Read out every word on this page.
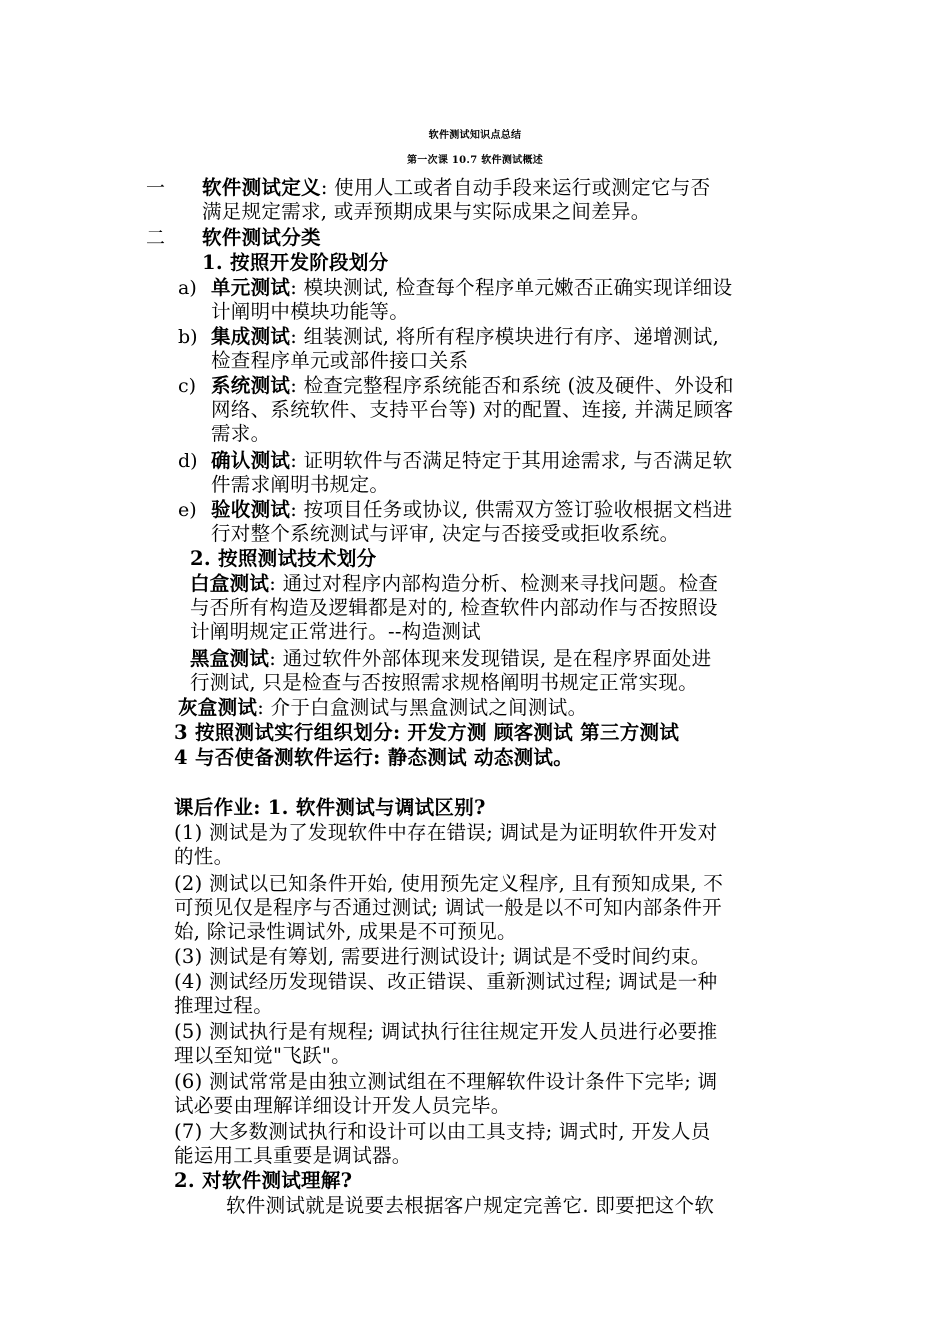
软件测试知识点总结
第一次课 10.7 软件测试概述
一 软件测试定义: 使用人工或者自动手段来运行或测定它与否
满足规定需求, 或弄预期成果与实际成果之间差异。
二 软件测试分类
1. 按照开发阶段划分
a) 单元测试: 模块测试, 检查每个程序单元嫩否正确实现详细设
计阐明中模块功能等。
b) 集成测试: 组装测试, 将所有程序模块进行有序、递增测试,
检查程序单元或部件接口关系
c) 系统测试: 检查完整程序系统能否和系统 (波及硬件、外设和
网络、系统软件、支持平台等) 对的配置、连接, 并满足顾客
需求。
d) 确认测试: 证明软件与否满足特定于其用途需求, 与否满足软
件需求阐明书规定。
e) 验收测试: 按项目任务或协议, 供需双方签订验收根据文档进
行对整个系统测试与评审, 决定与否接受或拒收系统。
2. 按照测试技术划分
白盒测试: 通过对程序内部构造分析、检测来寻找问题。检查
与否所有构造及逻辑都是对的, 检查软件内部动作与否按照设
计阐明规定正常进行。--构造测试
黑盒测试: 通过软件外部体现来发现错误, 是在程序界面处进
行测试, 只是检查与否按照需求规格阐明书规定正常实现。
灰盒测试: 介于白盒测试与黑盒测试之间测试。
3 按照测试实行组织划分: 开发方测 顾客测试 第三方测试
4 与否使备测软件运行: 静态测试 动态测试。
课后作业: 1. 软件测试与调试区别?
(1) 测试是为了发现软件中存在错误; 调试是为证明软件开发对
的性。
(2) 测试以已知条件开始, 使用预先定义程序, 且有预知成果, 不
可预见仅是程序与否通过测试; 调试一般是以不可知内部条件开
始, 除记录性调试外, 成果是不可预见。
(3) 测试是有筹划, 需要进行测试设计; 调试是不受时间约束。
(4) 测试经历发现错误、改正错误、重新测试过程; 调试是一种
推理过程。
(5) 测试执行是有规程; 调试执行往往规定开发人员进行必要推
理以至知觉"飞跃"。
(6) 测试常常是由独立测试组在不理解软件设计条件下完毕; 调
试必要由理解详细设计开发人员完毕。
(7) 大多数测试执行和设计可以由工具支持; 调式时, 开发人员
能运用工具重要是调试器。
2. 对软件测试理解?
软件测试就是说要去根据客户规定完善它. 即要把这个软
